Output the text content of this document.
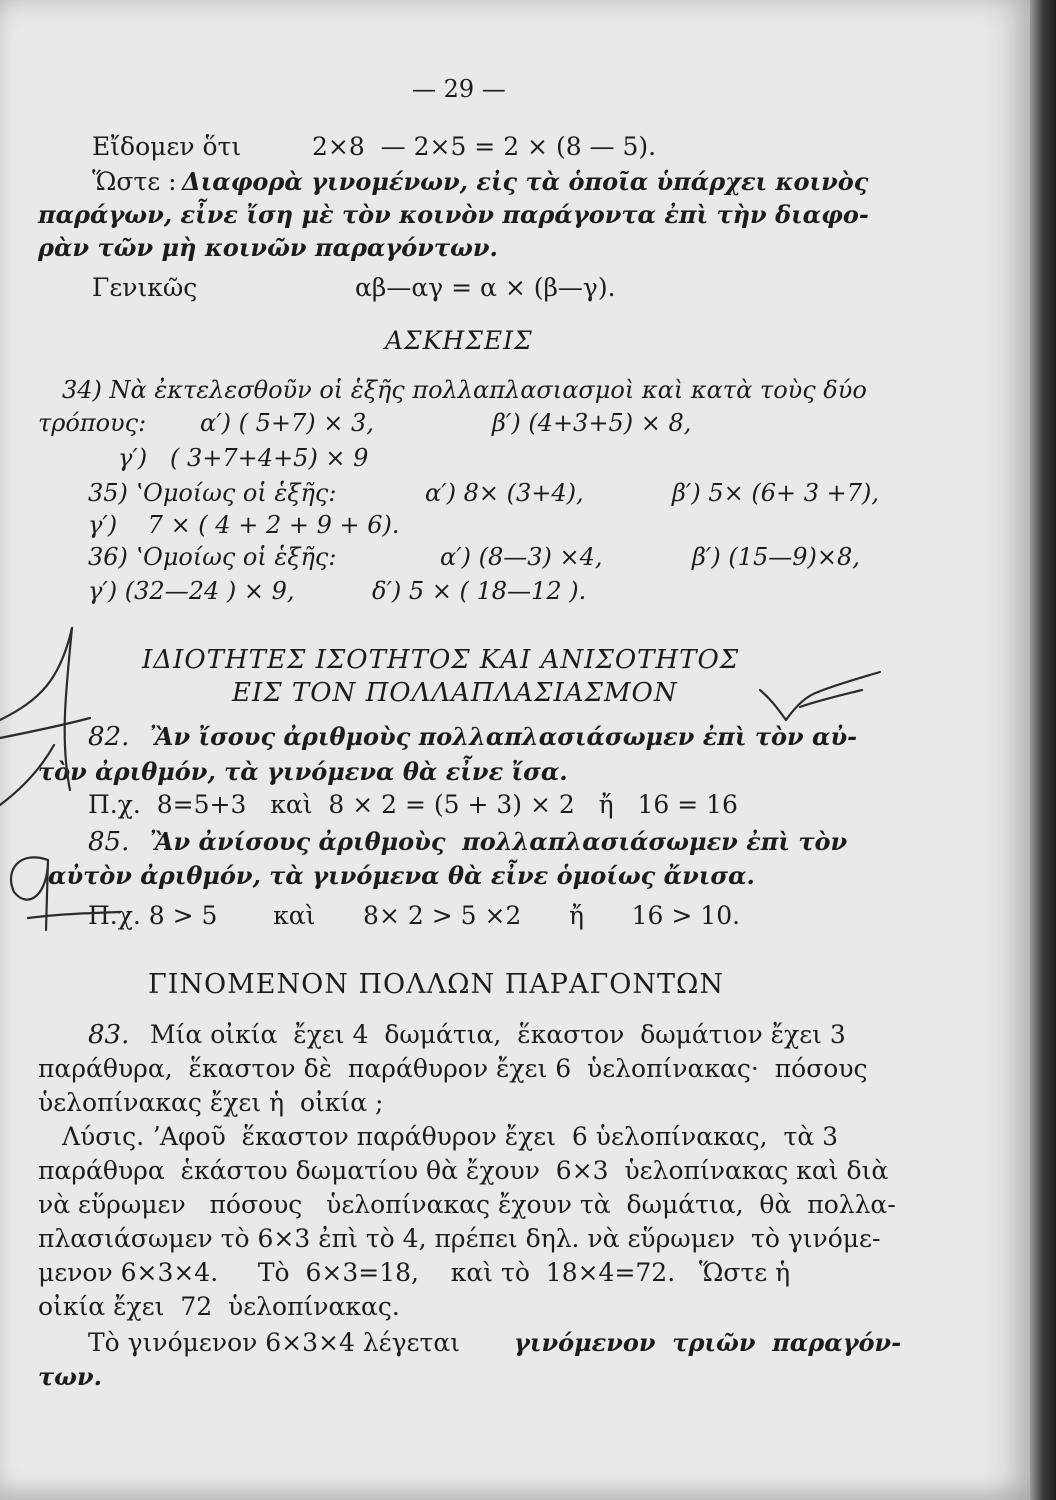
— 29 —
Εἴδομεν ὅτι	2×8  — 2×5 = 2 × (8 — 5).
Ὥστε : Διαφορὰ γινομένων, εἰς τὰ ὁποῖα ὑπάρχει κοινὸς
παράγων, εἶνε ἴση μὲ τὸν κοινὸν παράγοντα ἐπὶ τὴν διαφο-
ρὰν τῶν μὴ κοινῶν παραγόντων.
Γενικῶς	αβ—αγ = α × (β—γ).
ΑΣΚΗΣΕΙΣ
34) Νὰ ἐκτελεσθοῦν οἱ ἑξῆς πολλαπλασιασμοὶ καὶ κατὰ τοὺς δύο
τρόπους: α′) ( 5+7) × 3,	β′) (4+3+5) × 8,
γ′)   ( 3+7+4+5) × 9
35) ʽΟμοίως οἱ ἑξῆς:	α′) 8× (3+4),	β′) 5× (6+ 3 +7),
γ′)    7 × ( 4 + 2 + 9 + 6).
36) ʽΟμοίως οἱ ἑξῆς:	α′) (8—3) ×4,	β′) (15—9)×8,
γ′) (32—24 ) × 9,	δ′) 5 × ( 18—12 ).
ΙΔΙΟΤΗΤΕΣ ΙΣΟΤΗΤΟΣ ΚΑΙ ΑΝΙΣΟΤΗΤΟΣ
ΕΙΣ ΤΟΝ ΠΟΛΛΑΠΛΑΣΙΑΣΜΟΝ
82. Ἂν ἴσους ἀριθμοὺς πολλαπλασιάσωμεν ἐπὶ τὸν αὐ-
τὸν ἀριθμόν, τὰ γινόμενα θὰ εἶνε ἴσα.
Π.χ.  8=5+3   καὶ  8 × 2 = (5 + 3) × 2   ἤ   16 = 16
85. Ἂν ἀνίσους ἀριθμοὺς  πολλαπλασιάσωμεν ἐπὶ τὸν
αὐτὸν ἀριθμόν, τὰ γινόμενα θὰ εἶνε ὁμοίως ἄνισα.
Π.χ. 8 > 5       καὶ      8× 2 > 5 ×2      ἤ      16 > 10.
ΓΙΝΟΜΕΝΟΝ ΠΟΛΛΩΝ ΠΑΡΑΓΟΝΤΩΝ
83. Μία οἰκία  ἔχει 4  δωμάτια,  ἕκαστον  δωμάτιον ἔχει 3
παράθυρα,  ἕκαστον δὲ  παράθυρον ἔχει 6  ὑελοπίνακας·  πόσους
ὑελοπίνακας ἔχει ἡ  οἰκία ;
Λύσις. ʼΑφοῦ  ἕκαστον παράθυρον ἔχει  6 ὑελοπίνακας,  τὰ 3
παράθυρα  ἑκάστου δωματίου θὰ ἔχουν  6×3  ὑελοπίνακας καὶ διὰ
νὰ εὕρωμεν   πόσους   ὑελοπίνακας ἔχουν τὰ  δωμάτια,  θὰ  πολλα-
πλασιάσωμεν τὸ 6×3 ἐπὶ τὸ 4, πρέπει δηλ. νὰ εὕρωμεν  τὸ γινόμε-
μενον 6×3×4.     Τὸ  6×3=18,    καὶ τὸ  18×4=72.   Ὥστε ἡ
οἰκία ἔχει  72  ὑελοπίνακας.
Τὸ γινόμενον 6×3×4 λέγεται γινόμενον  τριῶν  παραγόν-
των.
